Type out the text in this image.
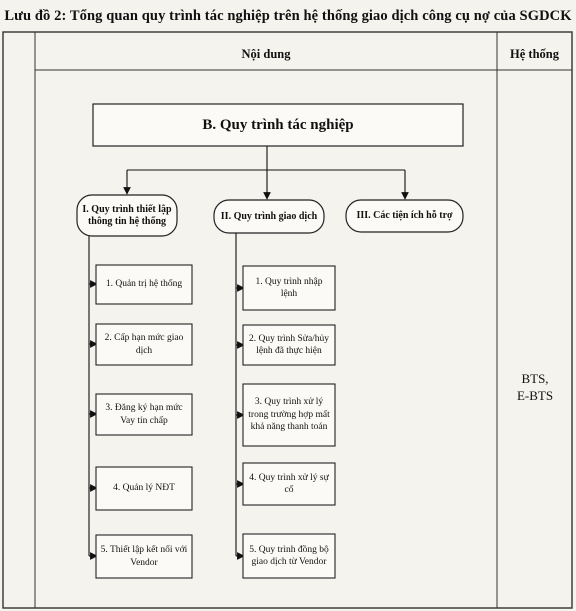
Lưu đồ 2: Tổng quan quy trình tác nghiệp trên hệ thống giao dịch công cụ nợ của SGDCK
Nội dung	Hệ thống
BTS,
E-BTS
B. Quy trình tác nghiệp
I. Quy trình thiết lập thông tin hệ thống	II. Quy trình giao dịch	III. Các tiện ích hỗ trợ
1. Quản trị hệ thống
2. Cấp hạn mức giao dịch
3. Đăng ký hạn mức Vay tín chấp
4. Quản lý NĐT
5. Thiết lập kết nối với Vendor
1. Quy trình nhập lệnh
2. Quy trình Sửa/hủy lệnh đã thực hiện
3. Quy trình xử lý trong trường hợp mất khả năng thanh toán
4. Quy trình xử lý sự cố
5. Quy trình đồng bộ giao dịch từ Vendor
